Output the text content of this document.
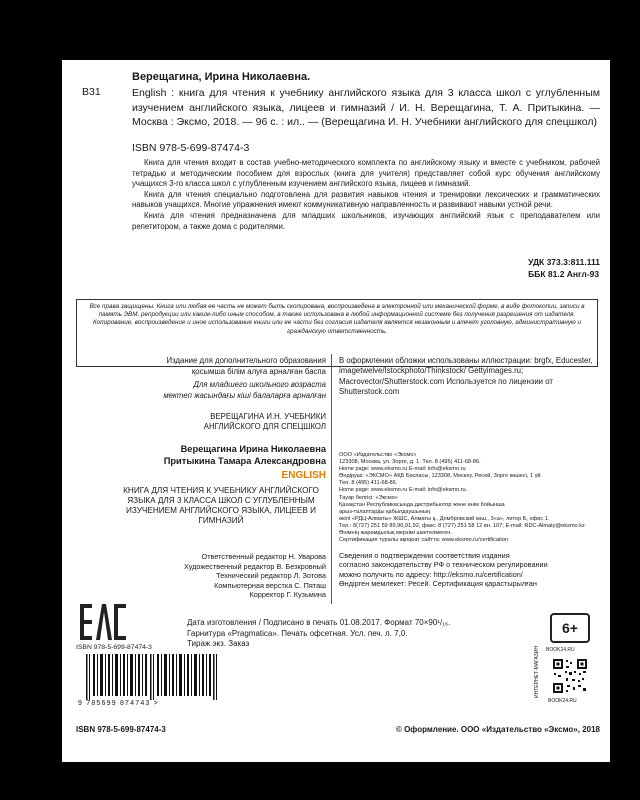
В31
Верещагина, Ирина Николаевна.
English : книга для чтения к учебнику английского языка для 3 класса школ с углубленным изучением английского языка, лицеев и гимназий / И. Н. Верещагина, Т. А. Притыкина. — Москва : Эксмо, 2018. — 96 с. : ил.. — (Верещагина И. Н. Учебники английского для спецшкол)
ISBN 978-5-699-87474-3

Книга для чтения входит в состав учебно-методического комплекта по английскому языку и вместе с учебником, рабочей тетрадью и методическим пособием для взрослых (книга для учителя) представляет собой курс обучения английскому учащихся 3-го класса школ с углубленным изучением английского языка, лицеев и гимназий.

Книга для чтения специально подготовлена для развития навыков чтения и тренировки лексических и грамматических навыков учащихся. Многие упражнения имеют коммуникативную направленность и развивают навыки устной речи.

Книга для чтения предназначена для младших школьников, изучающих английский язык с преподавателем или репетитором, а также дома с родителями.

УДК 373.3:811.111
ББК 81.2 Англ-93
Все права защищены. Книга или любая ее часть не может быть скопирована, воспроизведена в электронной или механической форме, в виде фотокопии, записи в память ЭВМ, репродукции или каким-либо иным способом, а также использована в любой информационной системе без получения разрешения от издателя. Копирование, воспроизведение и иное использование книги или ее части без согласия издателя является незаконным и влечет уголовную, административную и гражданскую ответственность.
Издание для дополнительного образования
қосымша білім алуға арналған баспа
Для младшего школьного возраста
мектеп жасындағы кіші балаларға арналған
ВЕРЕЩАГИНА И.Н. УЧЕБНИКИ
АНГЛИЙСКОГО ДЛЯ СПЕЦШКОЛ
Верещагина Ирина Николаевна
Притыкина Тамара Александровна
ENGLISH
КНИГА ДЛЯ ЧТЕНИЯ К УЧЕБНИКУ АНГЛИЙСКОГО ЯЗЫКА ДЛЯ 3 КЛАССА ШКОЛ С УГЛУБЛЕННЫМ ИЗУЧЕНИЕМ АНГЛИЙСКОГО ЯЗЫКА, ЛИЦЕЕВ И ГИМНАЗИЙ
Ответственный редактор Н. Уварова
Художественный редактор В. Безкровный
Технический редактор Л. Зотова
Компьютерная верстка С. Пяташ
Корректор Г. Кузьмина
В оформлении обложки использованы иллюстрации: brgfx, Educester, imagetwelve/Istockphoto/Thinkstock/ Gettyimages.ru; Macrovector/Shutterstock.com Используется по лицензии от Shutterstock.com
ООО «Издательство «Эксмо»
123308, Москва, ул. Зорге, д. 1. Тел. 8 (495) 411-68-86.
Home page: www.eksmo.ru E-mail: info@eksmo.ru
Өндіруші: «ЭКСМО» АҚБ Баспасы, 123308, Мәскеу, Ресей, Зорге көшесі, 1 үй.
Тел. 8 (495) 411-68-86.
Home page: www.eksmo.ru E-mail: info@eksmo.ru.
Тауар белгісі: «Эксмо»
Қазақстан Республикасында дистрибьютор және өнім бойынша
арыз-талаптарды қабылдаушының
өкілі «РДЦ-Алматы» ЖШС, Алматы қ., Домбровский көш., 3«а», литер Б, офис 1.
Тел.: 8(727) 251 59 89,90,91,92, факс: 8 (727) 251 58 12 вн. 107; E-mail: RDC-Almaty@eksmo.kz
Өнімнің жарамдылық мерзімі шектелмеген.
Сертификация туралы ақпарат сайтта: www.eksmo.ru/certification
Сведения о подтверждении соответствия издания
согласно законодательству РФ о техническом регулировании
можно получить по адресу: http://eksmo.ru/certification/
Өндірген мемлекет: Ресей. Сертификация қарастырылған
Дата изготовления / Подписано в печать 01.08.2017. Формат 70×90¹/₁₆.
Гарнитура «Pragmatica». Печать офсетная. Усл. печ. л. 7,0.
Тираж экз. Заказ
6+
ISBN 978-5-699-87474-3
9 785699 874743 >
ИНТЕРНЕТ-МАГАЗИН BOOK24.RU
BOOK24.RU
ISBN 978-5-699-87474-3	© Оформление. ООО «Издательство «Эксмо», 2018
